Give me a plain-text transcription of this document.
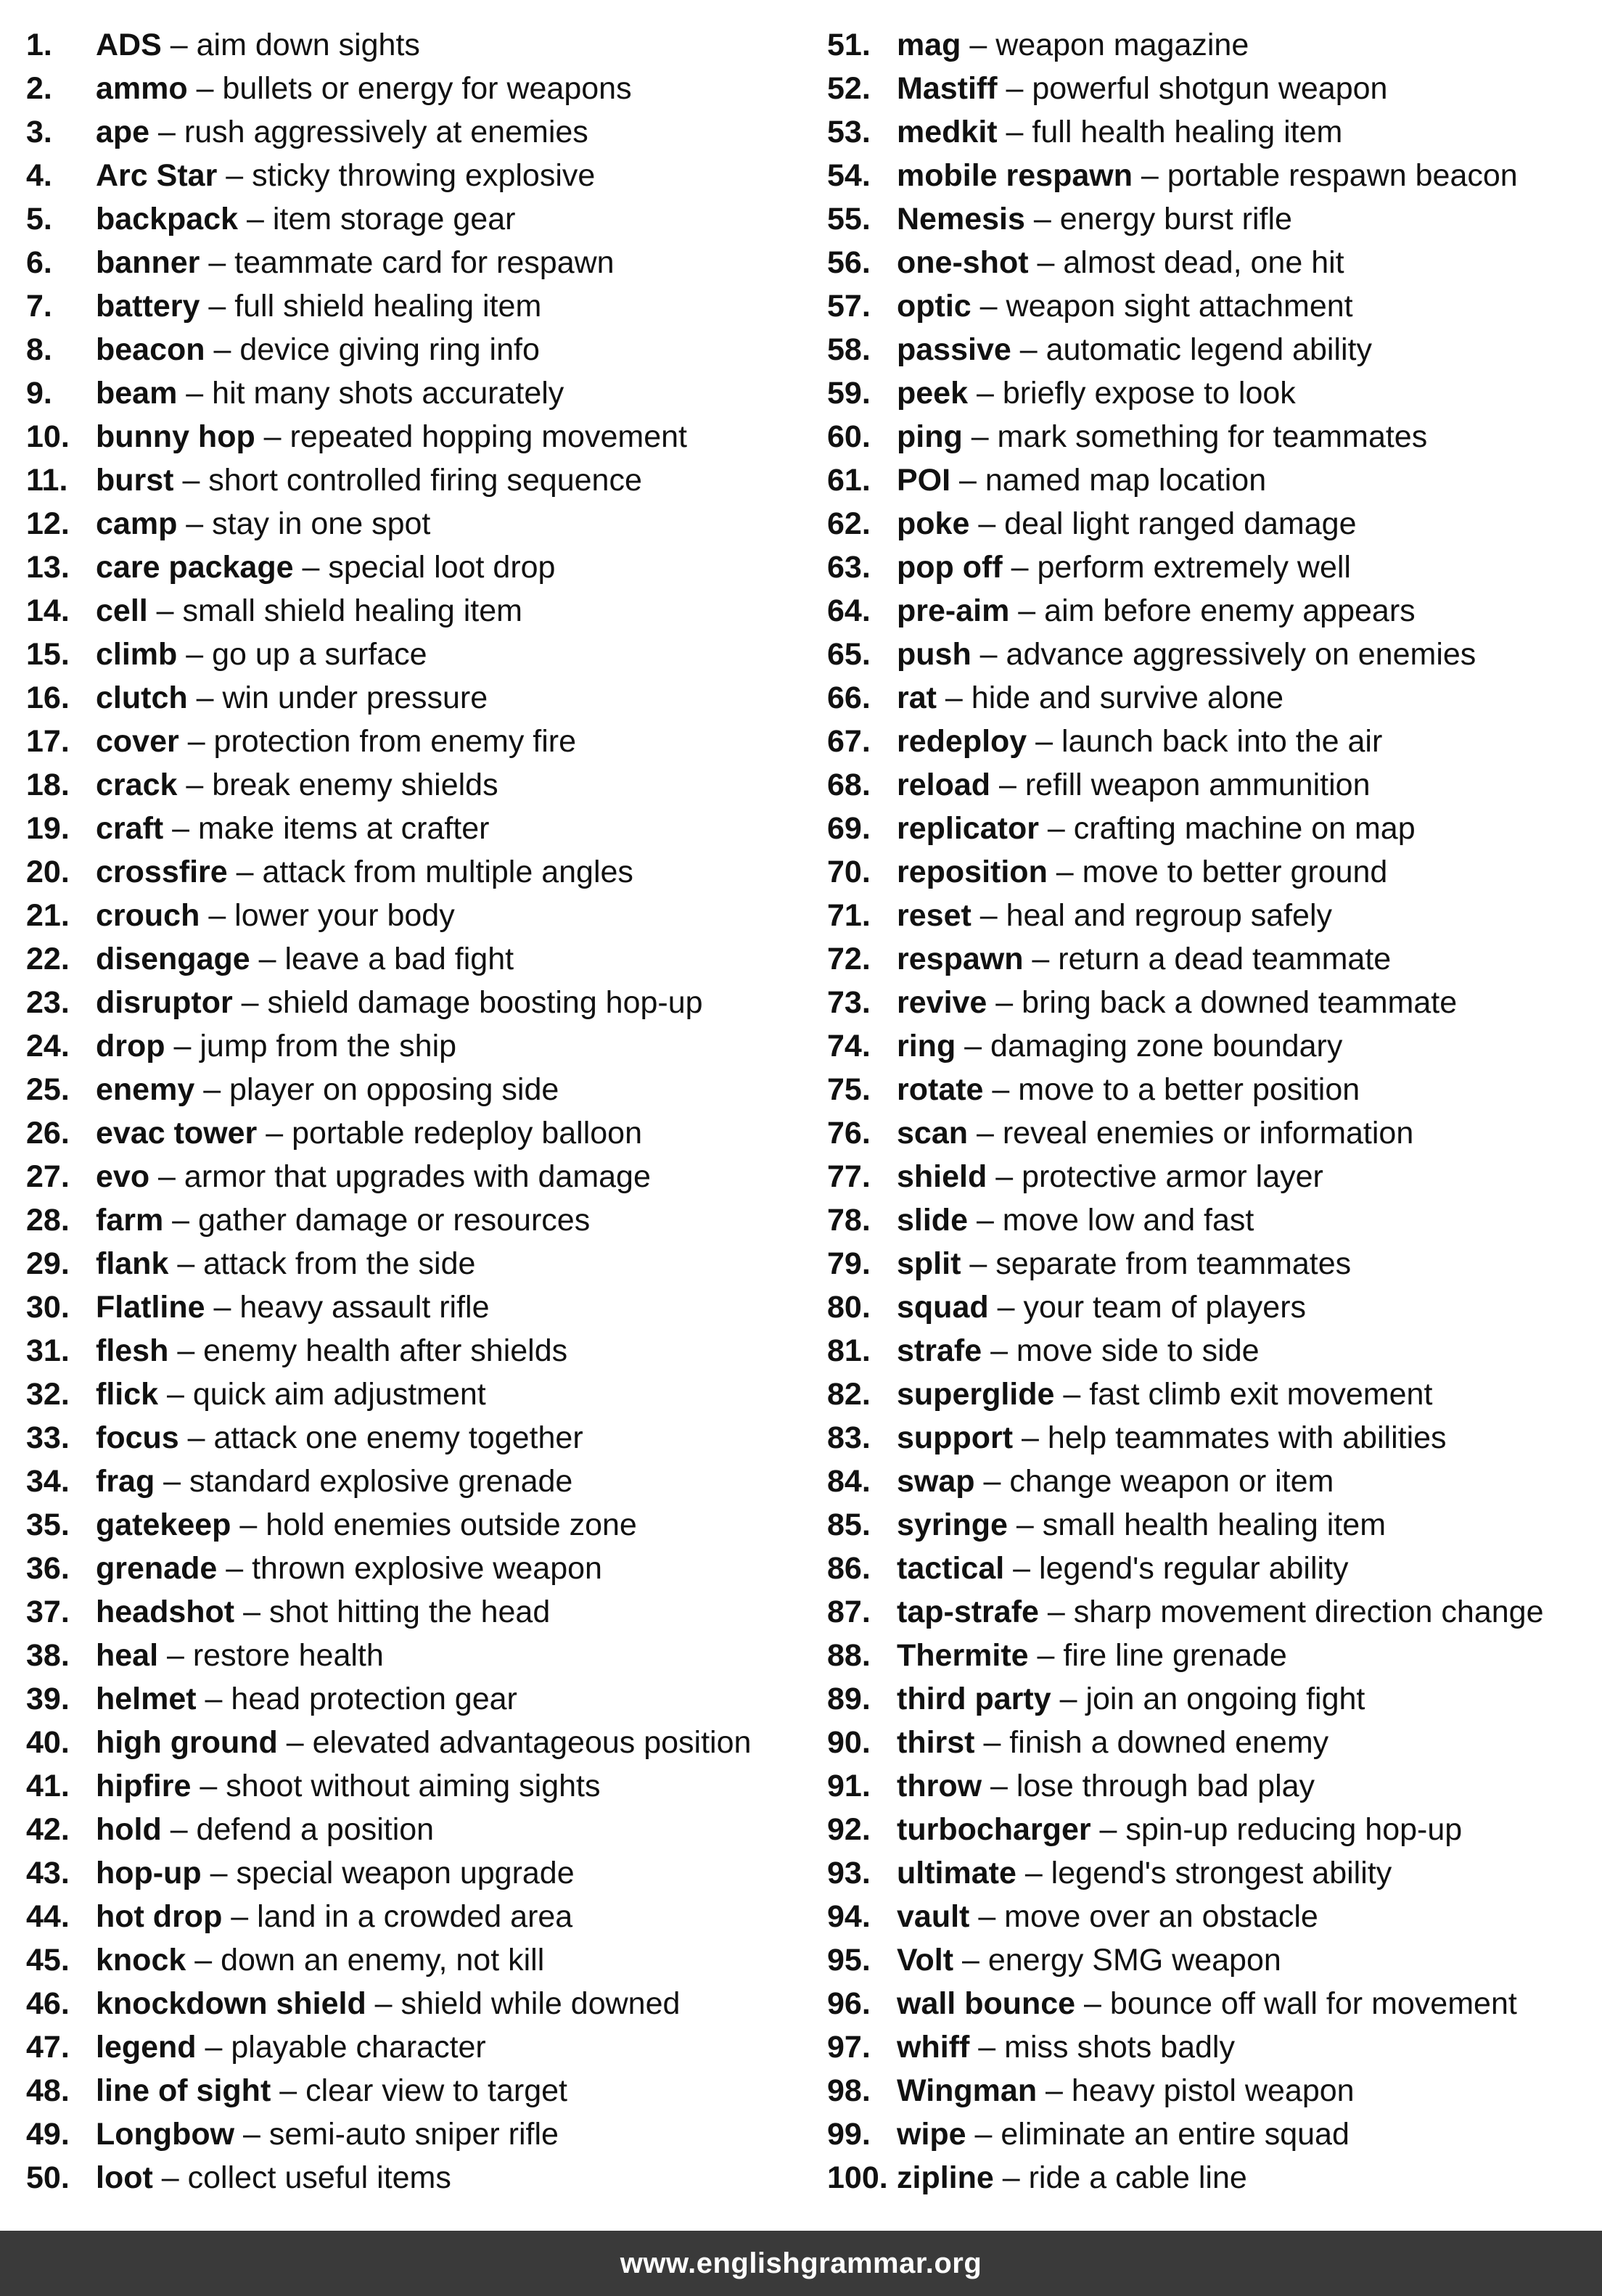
1. ADS – aim down sights
2. ammo – bullets or energy for weapons
3. ape – rush aggressively at enemies
4. Arc Star – sticky throwing explosive
5. backpack – item storage gear
6. banner – teammate card for respawn
7. battery – full shield healing item
8. beacon – device giving ring info
9. beam – hit many shots accurately
10. bunny hop – repeated hopping movement
11. burst – short controlled firing sequence
12. camp – stay in one spot
13. care package – special loot drop
14. cell – small shield healing item
15. climb – go up a surface
16. clutch – win under pressure
17. cover – protection from enemy fire
18. crack – break enemy shields
19. craft – make items at crafter
20. crossfire – attack from multiple angles
21. crouch – lower your body
22. disengage – leave a bad fight
23. disruptor – shield damage boosting hop-up
24. drop – jump from the ship
25. enemy – player on opposing side
26. evac tower – portable redeploy balloon
27. evo – armor that upgrades with damage
28. farm – gather damage or resources
29. flank – attack from the side
30. Flatline – heavy assault rifle
31. flesh – enemy health after shields
32. flick – quick aim adjustment
33. focus – attack one enemy together
34. frag – standard explosive grenade
35. gatekeep – hold enemies outside zone
36. grenade – thrown explosive weapon
37. headshot – shot hitting the head
38. heal – restore health
39. helmet – head protection gear
40. high ground – elevated advantageous position
41. hipfire – shoot without aiming sights
42. hold – defend a position
43. hop-up – special weapon upgrade
44. hot drop – land in a crowded area
45. knock – down an enemy, not kill
46. knockdown shield – shield while downed
47. legend – playable character
48. line of sight – clear view to target
49. Longbow – semi-auto sniper rifle
50. loot – collect useful items
51. mag – weapon magazine
52. Mastiff – powerful shotgun weapon
53. medkit – full health healing item
54. mobile respawn – portable respawn beacon
55. Nemesis – energy burst rifle
56. one-shot – almost dead, one hit
57. optic – weapon sight attachment
58. passive – automatic legend ability
59. peek – briefly expose to look
60. ping – mark something for teammates
61. POI – named map location
62. poke – deal light ranged damage
63. pop off – perform extremely well
64. pre-aim – aim before enemy appears
65. push – advance aggressively on enemies
66. rat – hide and survive alone
67. redeploy – launch back into the air
68. reload – refill weapon ammunition
69. replicator – crafting machine on map
70. reposition – move to better ground
71. reset – heal and regroup safely
72. respawn – return a dead teammate
73. revive – bring back a downed teammate
74. ring – damaging zone boundary
75. rotate – move to a better position
76. scan – reveal enemies or information
77. shield – protective armor layer
78. slide – move low and fast
79. split – separate from teammates
80. squad – your team of players
81. strafe – move side to side
82. superglide – fast climb exit movement
83. support – help teammates with abilities
84. swap – change weapon or item
85. syringe – small health healing item
86. tactical – legend's regular ability
87. tap-strafe – sharp movement direction change
88. Thermite – fire line grenade
89. third party – join an ongoing fight
90. thirst – finish a downed enemy
91. throw – lose through bad play
92. turbocharger – spin-up reducing hop-up
93. ultimate – legend's strongest ability
94. vault – move over an obstacle
95. Volt – energy SMG weapon
96. wall bounce – bounce off wall for movement
97. whiff – miss shots badly
98. Wingman – heavy pistol weapon
99. wipe – eliminate an entire squad
100. zipline – ride a cable line
www.englishgrammar.org
